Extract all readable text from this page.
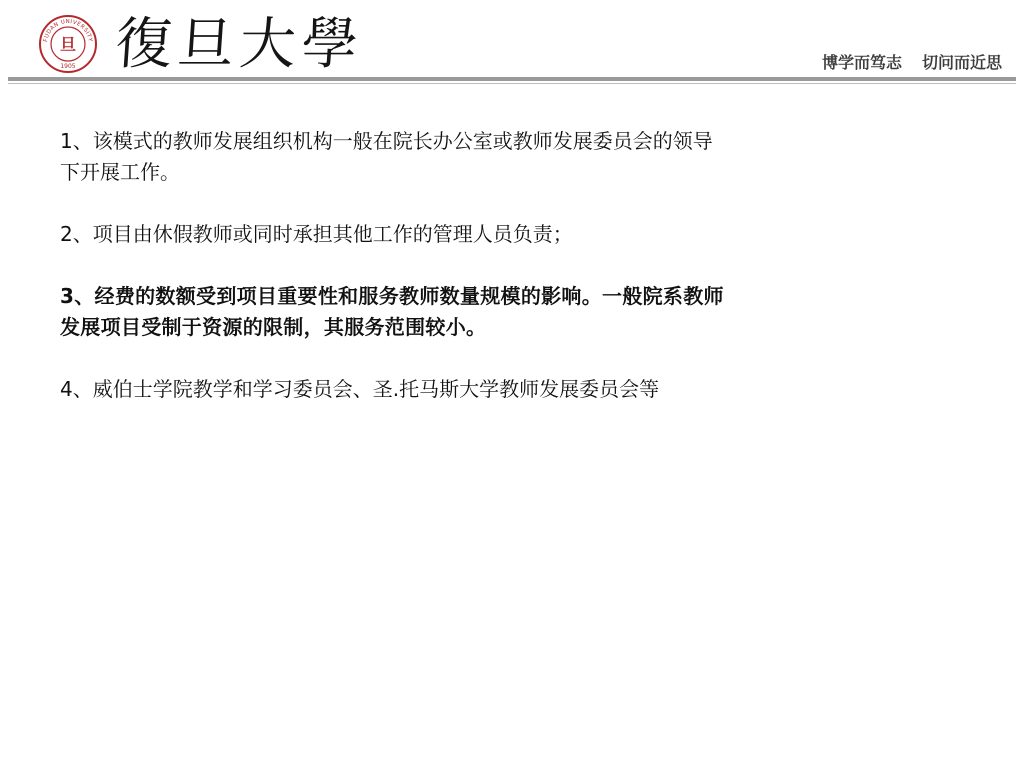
FUDAN UNIVERSITY
旦
1905 復旦大學	博学而笃志 切问而近思
1、该模式的教师发展组织机构一般在院长办公室或教师发展委员会的领导
下开展工作。
2、项目由休假教师或同时承担其他工作的管理人员负责；
3、经费的数额受到项目重要性和服务教师数量规模的影响。一般院系教师
发展项目受制于资源的限制，其服务范围较小。
4、威伯士学院教学和学习委员会、圣.托马斯大学教师发展委员会等
